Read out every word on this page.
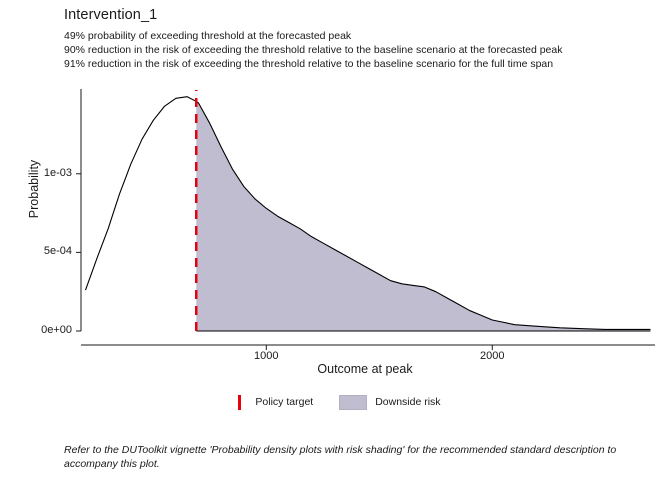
Intervention_1
49% probability of exceeding threshold at the forecasted peak
90% reduction in the risk of exceeding the threshold relative to the baseline scenario at the forecasted peak
91% reduction in the risk of exceeding the threshold relative to the baseline scenario for the full time span
Probability
Outcome at peak
Policy target	Downside risk
Refer to the DUToolkit vignette 'Probability density plots with risk shading' for the recommended standard description to accompany this plot.
0e+00
5e-04
1e-03
1000	2000
